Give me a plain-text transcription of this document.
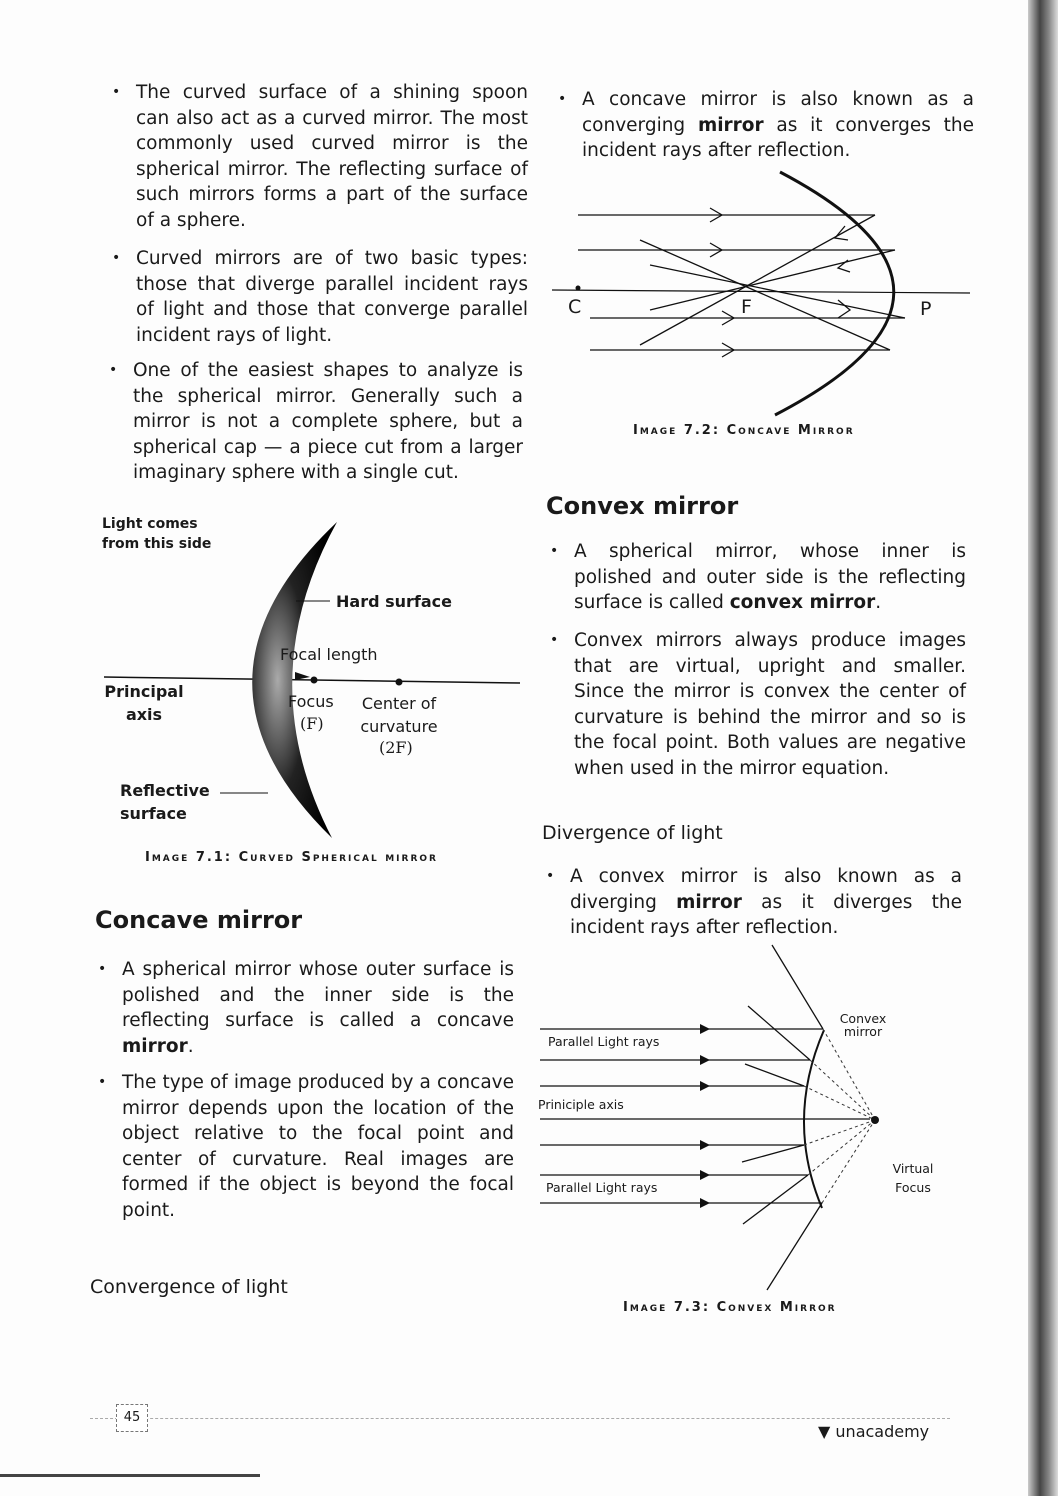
• The curved surface of a shining spoon can also act as a curved mirror. The most commonly used curved mirror is the spherical mirror. The reflecting surface of such mirrors forms a part of the surface of a sphere.
• Curved mirrors are of two basic types: those that diverge parallel incident rays of light and those that converge parallel incident rays of light.
• One of the easiest shapes to analyze is the spherical mirror. Generally such a mirror is not a complete sphere, but a spherical cap — a piece cut from a larger imaginary sphere with a single cut.
Light comes from this side
Hard surface
Focal length
Principal axis
Focus
(F)
Center of curvature
(2F)
Reflective surface
Image 7.1: Curved Spherical mirror
Concave mirror
• A spherical mirror whose outer surface is polished and the inner side is the reflecting surface is called a concave mirror.
• The type of image produced by a concave mirror depends upon the location of the object relative to the focal point and center of curvature. Real images are formed if the object is beyond the focal point.
Convergence of light
• A concave mirror is also known as a converging mirror as it converges the incident rays after reflection.
C	F	P
Image 7.2: Concave Mirror
Convex mirror
• A spherical mirror, whose inner is polished and outer side is the reflecting surface is called convex mirror.
• Convex mirrors always produce images that are virtual, upright and smaller. Since the mirror is convex the center of curvature is behind the mirror and so is the focal point. Both values are negative when used in the mirror equation.
Divergence of light
• A convex mirror is also known as a diverging mirror as it diverges the incident rays after reflection.
Parallel Light rays
Priniciple axis
Parallel Light rays
Convex mirror
Virtual Focus
Image 7.3: Convex Mirror
45
▼ unacademy
